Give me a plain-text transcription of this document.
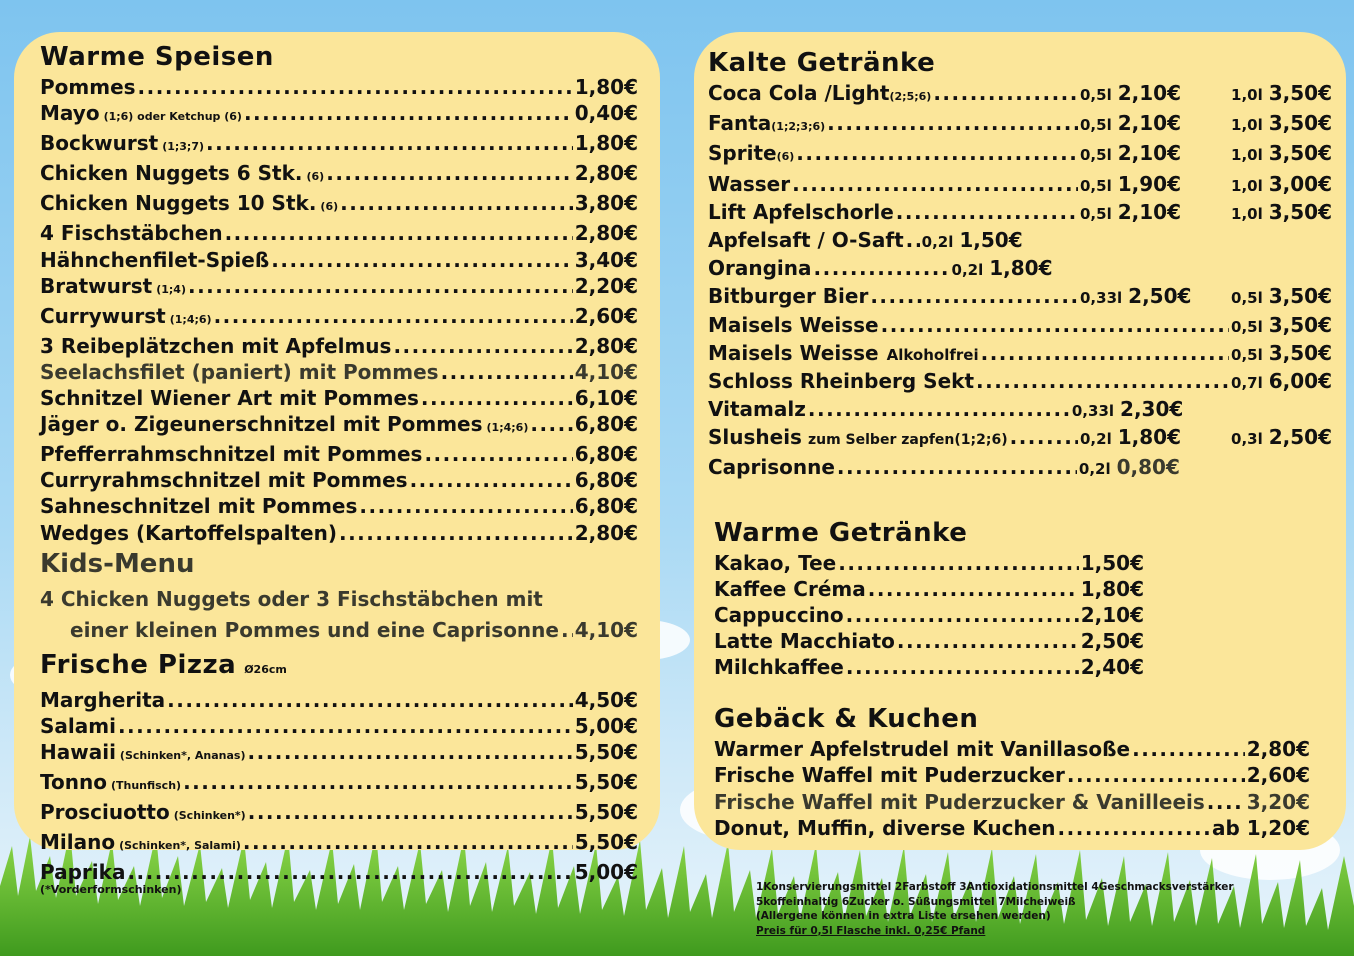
Warme Speisen
Pommes .....	1,80€
Mayo (1;6) oder Ketchup (6) .....	0,40€
Bockwurst (1;3;7) .....	1,80€
Chicken Nuggets 6 Stk. (6) .....	2,80€
Chicken Nuggets 10 Stk. (6) .....	3,80€
4 Fischstäbchen .....	2,80€
Hähnchenfilet-Spieß .....	3,40€
Bratwurst (1;4) .....	2,20€
Currywurst (1;4;6) .....	2,60€
3 Reibeplätzchen mit Apfelmus .....	2,80€
Seelachsfilet (paniert) mit Pommes .....	4,10€
Schnitzel Wiener Art mit Pommes .....	6,10€
Jäger o. Zigeunerschnitzel mit Pommes (1;4;6) ..... 6,80€
Pfefferrahmschnitzel mit Pommes .....	6,80€
Curryrahmschnitzel mit Pommes .....	6,80€
Sahneschnitzel mit Pommes .....	6,80€
Wedges (Kartoffelspalten) .....	2,80€
Kids-Menu
4 Chicken Nuggets oder 3 Fischstäbchen mit
einer kleinen Pommes und eine Caprisonne ..... 4,10€
Frische Pizza Ø26cm
Margherita .....	4,50€
Salami .....	5,00€
Hawaii (Schinken*, Ananas) .....	5,50€
Tonno (Thunfisch) .....	5,50€
Prosciuotto (Schinken*) .....	5,50€
Milano (Schinken*, Salami) .....	5,50€
Paprika .....	5,00€
(*Vorderformschinken)
Kalte Getränke
Coca Cola /Light(2;5;6) .....	0,5l 2,10€	1,0l 3,50€
Fanta(1;2;3;6) .....	0,5l 2,10€	1,0l 3,50€
Sprite(6) .....	0,5l 2,10€	1,0l 3,50€
Wasser .....	0,5l 1,90€	1,0l 3,00€
Lift Apfelschorle .....	0,5l 2,10€	1,0l 3,50€
Apfelsaft / O-Saft ..... 0,2l 1,50€
Orangina .....	0,2l 1,80€
Bitburger Bier .....	0,33l 2,50€	0,5l 3,50€
Maisels Weisse .....	0,5l 3,50€
Maisels Weisse Alkoholfrei .....	0,5l 3,50€
Schloss Rheinberg Sekt .....	0,7l 6,00€
Vitamalz .....	0,33l 2,30€
Slusheis zum Selber zapfen(1;2;6) .....	0,2l 1,80€	0,3l 2,50€
Caprisonne .....	0,2l 0,80€
Warme Getränke
Kakao, Tee .....	1,50€
Kaffee Créma .....	1,80€
Cappuccino .....	2,10€
Latte Macchiato .....	2,50€
Milchkaffee .....	2,40€
Gebäck & Kuchen
Warmer Apfelstrudel mit Vanillasoße .....	2,80€
Frische Waffel mit Puderzucker .....	2,60€
Frische Waffel mit Puderzucker & Vanilleeis ..... 3,20€
Donut, Muffin, diverse Kuchen .....	ab 1,20€
1Konservierungsmittel 2Farbstoff 3Antioxidationsmittel 4Geschmacksverstärker
5koffeinhaltig 6Zucker o. Süßungsmittel 7Milcheiweiß
(Allergene können in extra Liste ersehen werden)
Preis für 0,5l Flasche inkl. 0,25€ Pfand
